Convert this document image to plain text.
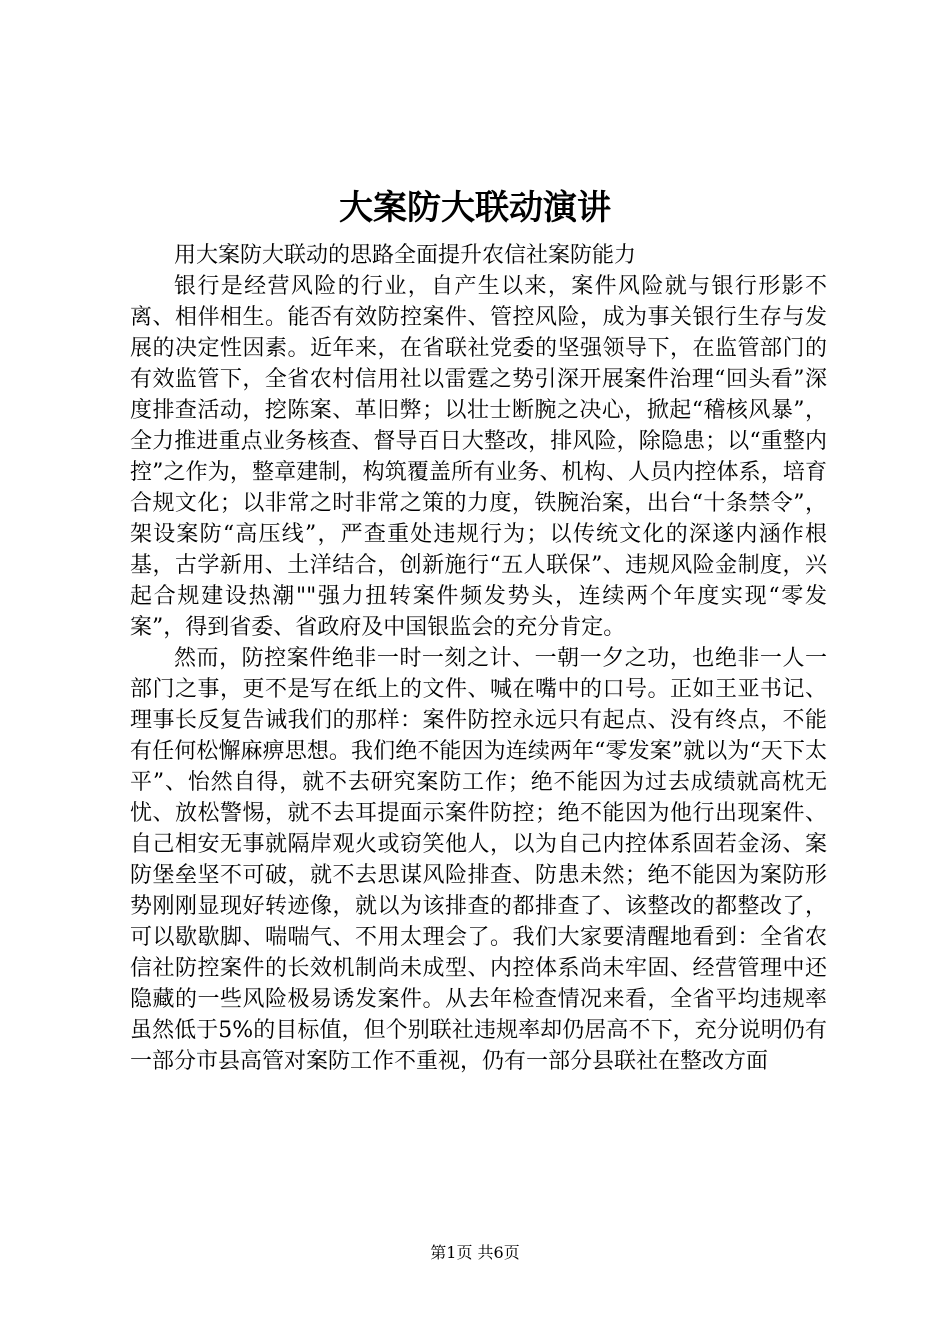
大案防大联动演讲

用大案防大联动的思路全面提升农信社案防能力

银行是经营风险的行业，自产生以来，案件风险就与银行形影不离、相伴相生。能否有效防控案件、管控风险，成为事关银行生存与发展的决定性因素。近年来，在省联社党委的坚强领导下，在监管部门的有效监管下，全省农村信用社以雷霆之势引深开展案件治理“回头看”深度排查活动，挖陈案、革旧弊；以壮士断腕之决心，掀起“稽核风暴”，全力推进重点业务核查、督导百日大整改，排风险，除隐患；以“重整内控”之作为，整章建制，构筑覆盖所有业务、机构、人员内控体系，培育合规文化；以非常之时非常之策的力度，铁腕治案，出台“十条禁令”，架设案防“高压线”，严查重处违规行为；以传统文化的深遂内涵作根基，古学新用、土洋结合，创新施行“五人联保”、违规风险金制度，兴起合规建设热潮""强力扭转案件频发势头，连续两个年度实现“零发案”，得到省委、省政府及中国银监会的充分肯定。

然而，防控案件绝非一时一刻之计、一朝一夕之功，也绝非一人一部门之事，更不是写在纸上的文件、喊在嘴中的口号。正如王亚书记、理事长反复告诫我们的那样：案件防控永远只有起点、没有终点，不能有任何松懈麻痹思想。我们绝不能因为连续两年“零发案”就以为“天下太平”、怡然自得，就不去研究案防工作；绝不能因为过去成绩就高枕无忧、放松警惕，就不去耳提面示案件防控；绝不能因为他行出现案件、自己相安无事就隔岸观火或窃笑他人，以为自己内控体系固若金汤、案防堡垒坚不可破，就不去思谋风险排查、防患未然；绝不能因为案防形势刚刚显现好转迹像，就以为该排查的都排查了、该整改的都整改了，可以歇歇脚、喘喘气、不用太理会了。我们大家要清醒地看到：全省农信社防控案件的长效机制尚未成型、内控体系尚未牢固、经营管理中还隐藏的一些风险极易诱发案件。从去年检查情况来看，全省平均违规率虽然低于5%的目标值，但个别联社违规率却仍居高不下，充分说明仍有一部分市县高管对案防工作不重视，仍有一部分县联社在整改方面

第1页 共6页
